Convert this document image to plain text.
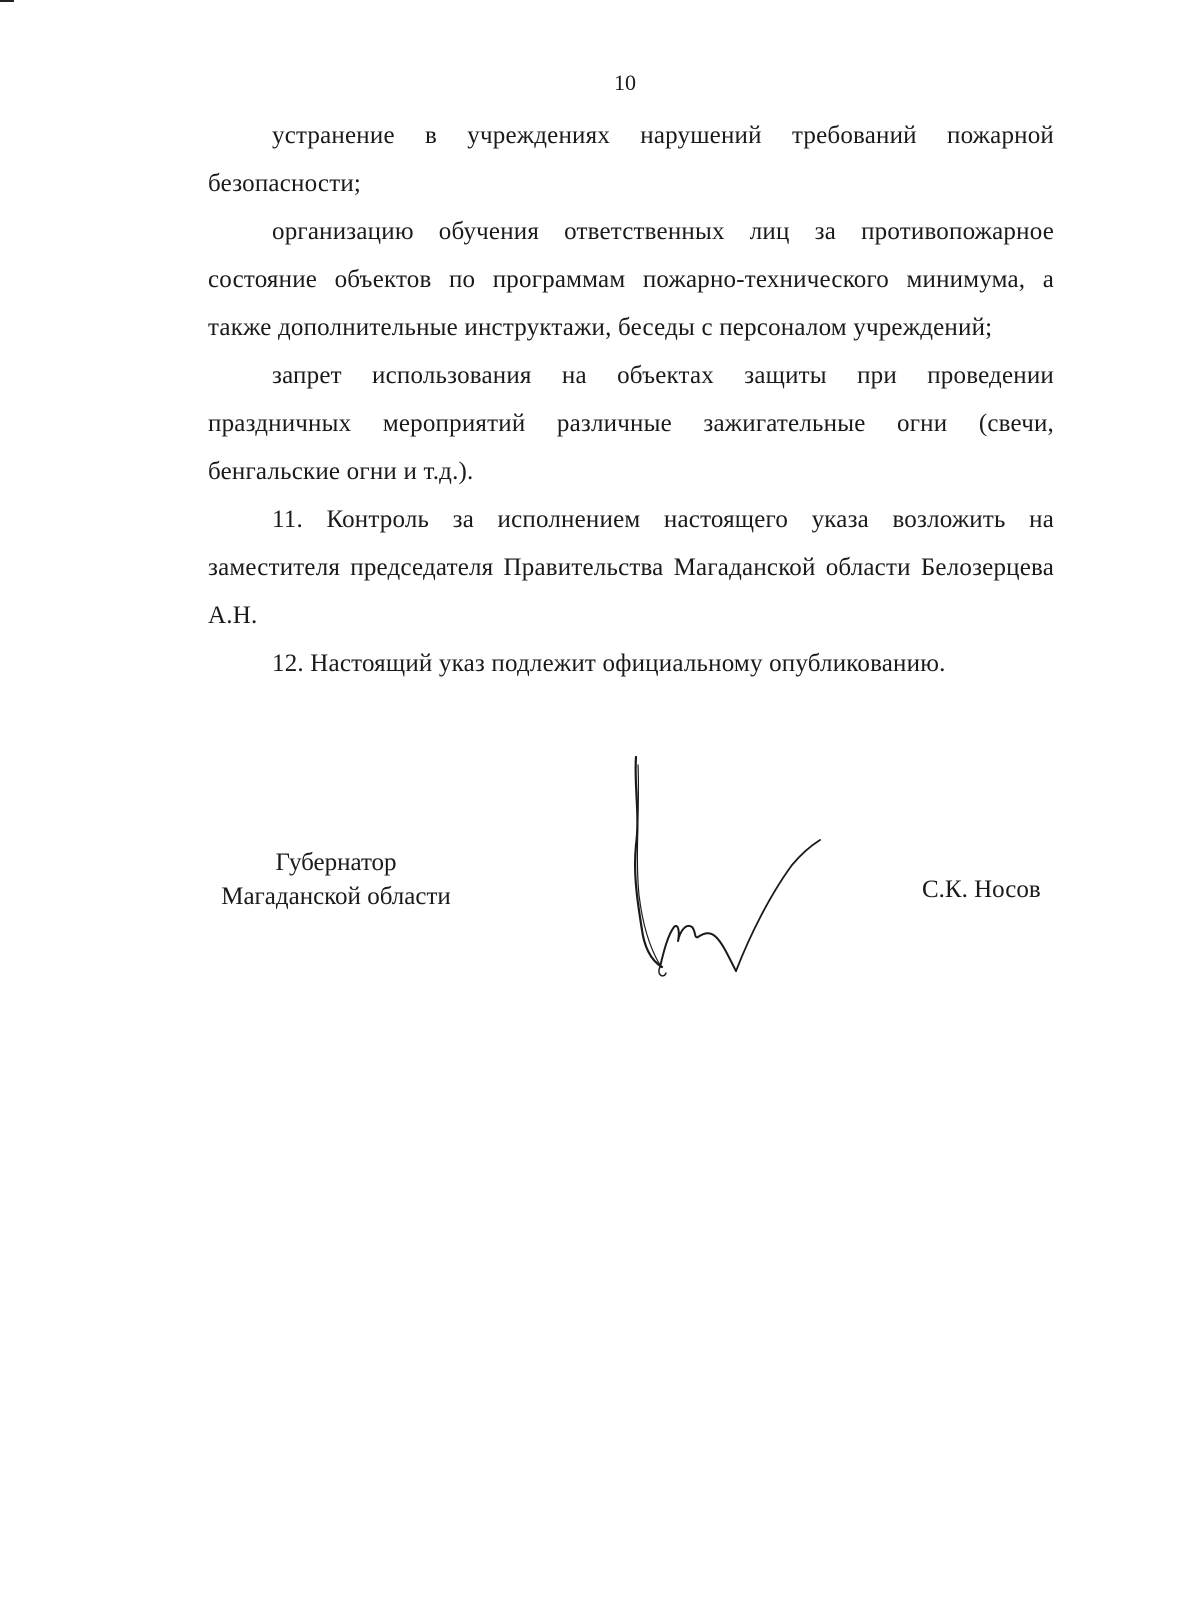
10

устранение в учреждениях нарушений требований пожарной безопасности;

организацию обучения ответственных лиц за противопожарное состояние объектов по программам пожарно-технического минимума, а также дополнительные инструктажи, беседы с персоналом учреждений;

запрет использования на объектах защиты при проведении праздничных мероприятий различные зажигательные огни (свечи, бенгальские огни и т.д.).

11. Контроль за исполнением настоящего указа возложить на заместителя председателя Правительства Магаданской области Белозерцева А.Н.

12. Настоящий указ подлежит официальному опубликованию.

Губернатор
Магаданской области	С.К. Носов
